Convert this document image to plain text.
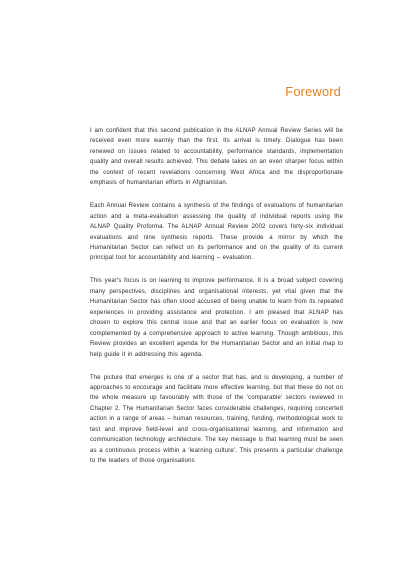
Foreword

I am confident that this second publication in the ALNAP Annual Review Series will be received even more warmly than the first. Its arrival is timely. Dialogue has been renewed on issues related to accountability, performance standards, implementation quality and overall results achieved. This debate takes on an even sharper focus within the context of recent revelations concerning West Africa and the disproportionate emphasis of humanitarian efforts in Afghanistan.

Each Annual Review contains a synthesis of the findings of evaluations of humanitarian action and a meta-evaluation assessing the quality of individual reports using the ALNAP Quality Proforma. The ALNAP Annual Review 2002 covers forty-six individual evaluations and nine synthesis reports. These provide a mirror by which the Humanitarian Sector can reflect on its performance and on the quality of its current principal tool for accountability and learning – evaluation.

This year's focus is on learning to improve performance. It is a broad subject covering many perspectives, disciplines and organisational interests, yet vital given that the Humanitarian Sector has often stood accused of being unable to learn from its repeated experiences in providing assistance and protection. I am pleased that ALNAP has chosen to explore this central issue and that an earlier focus on evaluation is now complemented by a comprehensive approach to active learning. Though ambitious, this Review provides an excellent agenda for the Humanitarian Sector and an initial map to help guide it in addressing this agenda.

The picture that emerges is one of a sector that has, and is developing, a number of approaches to encourage and facilitate more effective learning, but that these do not on the whole measure up favourably with those of the 'comparable' sectors reviewed in Chapter 2. The Humanitarian Sector faces considerable challenges, requiring concerted action in a range of areas – human resources, training, funding, methodological work to test and improve field-level and cross-organisational learning, and information and communication technology architecture. The key message is that learning must be seen as a continuous process within a 'learning culture'. This presents a particular challenge to the leaders of those organisations
